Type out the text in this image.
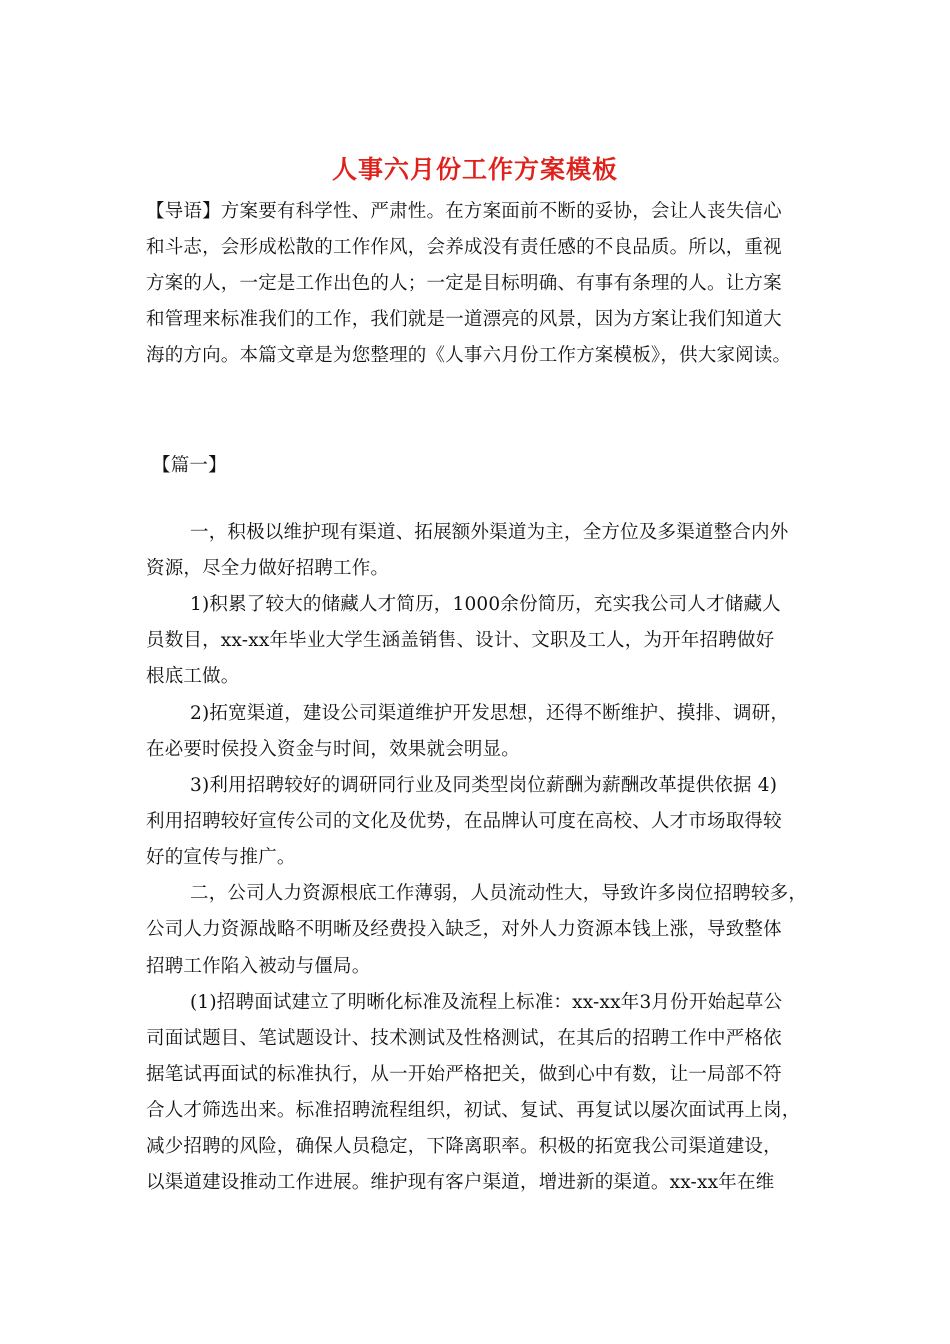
人事六月份工作方案模板
【导语】方案要有科学性、严肃性。在方案面前不断的妥协，会让人丧失信心
和斗志，会形成松散的工作作风，会养成没有责任感的不良品质。所以，重视
方案的人，一定是工作出色的人；一定是目标明确、有事有条理的人。让方案
和管理来标准我们的工作，我们就是一道漂亮的风景，因为方案让我们知道大
海的方向。本篇文章是为您整理的《人事六月份工作方案模板》，供大家阅读。
【篇一】
一，积极以维护现有渠道、拓展额外渠道为主，全方位及多渠道整合内外
资源，尽全力做好招聘工作。
1)积累了较大的储藏人才简历，1000余份简历，充实我公司人才储藏人
员数目，xx-xx年毕业大学生涵盖销售、设计、文职及工人，为开年招聘做好
根底工做。
2)拓宽渠道，建设公司渠道维护开发思想，还得不断维护、摸排、调研，
在必要时侯投入资金与时间，效果就会明显。
3)利用招聘较好的调研同行业及同类型岗位薪酬为薪酬改革提供依据 4)
利用招聘较好宣传公司的文化及优势，在品牌认可度在高校、人才市场取得较
好的宣传与推广。
二，公司人力资源根底工作薄弱，人员流动性大，导致许多岗位招聘较多，
公司人力资源战略不明晰及经费投入缺乏，对外人力资源本钱上涨，导致整体
招聘工作陷入被动与僵局。
(1)招聘面试建立了明晰化标准及流程上标准：xx-xx年3月份开始起草公
司面试题目、笔试题设计、技术测试及性格测试，在其后的招聘工作中严格依
据笔试再面试的标准执行，从一开始严格把关，做到心中有数，让一局部不符
合人才筛选出来。标准招聘流程组织，初试、复试、再复试以屡次面试再上岗，
减少招聘的风险，确保人员稳定，下降离职率。积极的拓宽我公司渠道建设，
以渠道建设推动工作进展。维护现有客户渠道，增进新的渠道。xx-xx年在维
